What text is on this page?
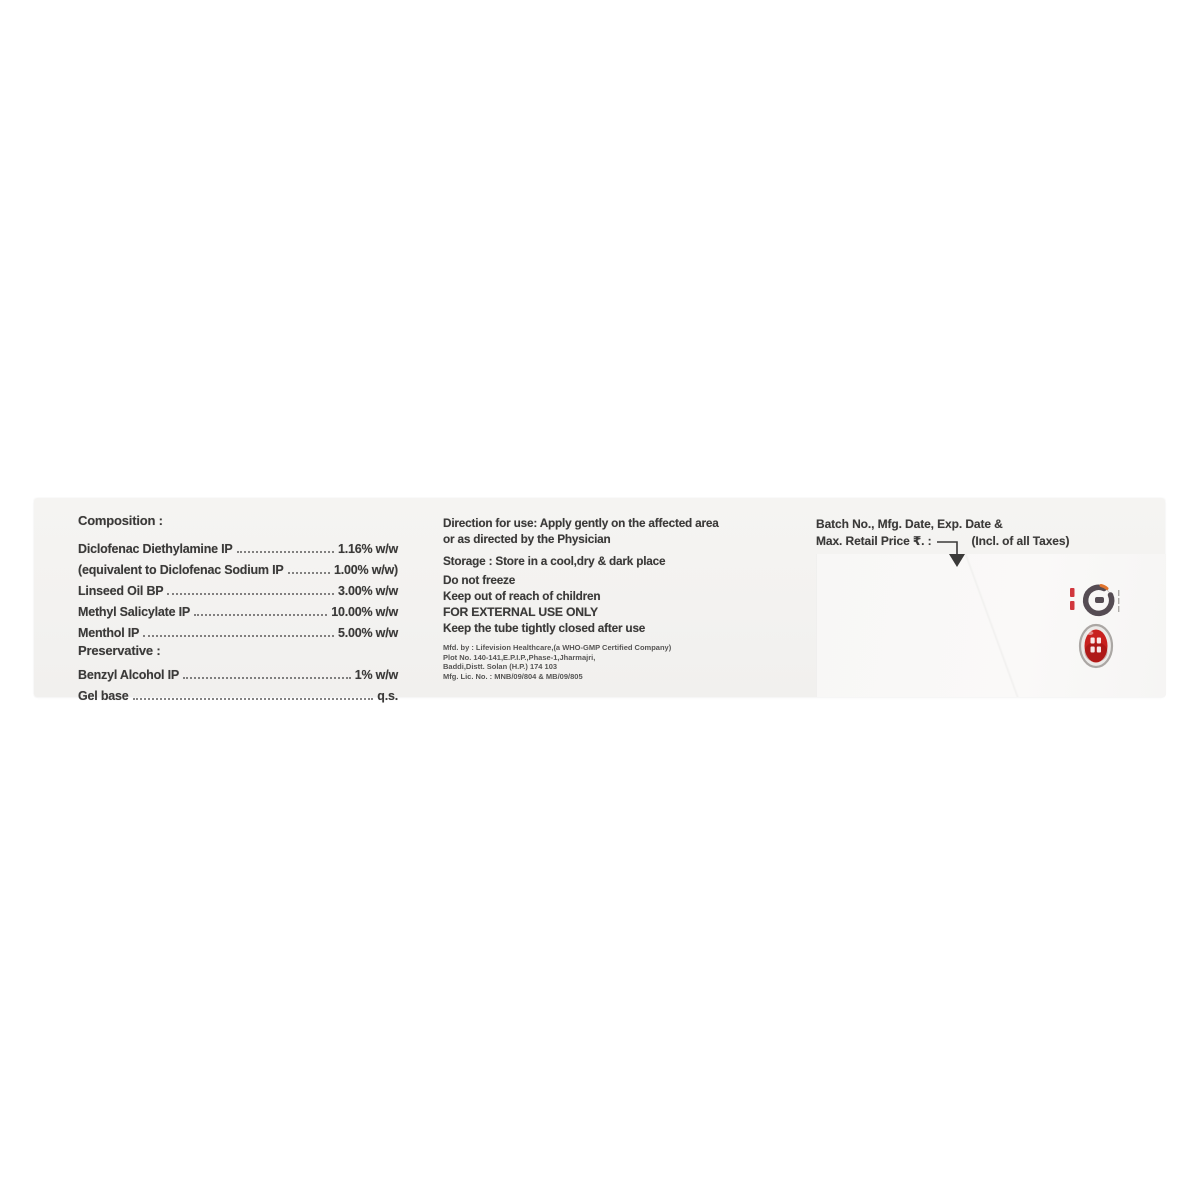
Composition :
Diclofenac Diethylamine IP	1.16% w/w
(equivalent to Diclofenac Sodium IP	1.00% w/w)
Linseed Oil BP	3.00% w/w
Methyl Salicylate IP	10.00% w/w
Menthol IP	5.00% w/w
Preservative :
Benzyl Alcohol IP	1% w/w
Gel base	q.s.
Direction for use: Apply gently on the affected area
or as directed by the Physician
Storage : Store in a cool,dry & dark place
Do not freeze
Keep out of reach of children
FOR EXTERNAL USE ONLY
Keep the tube tightly closed after use
Mfd. by : Lifevision Healthcare,(a WHO-GMP Certified Company)
Plot No. 140-141,E.P.I.P.,Phase-1,Jharmajri,
Baddi,Distt. Solan (H.P.) 174 103
Mfg. Lic. No. : MNB/09/804 & MB/09/805
Batch No., Mfg. Date, Exp. Date &
Max. Retail Price ₹. :	(Incl. of all Taxes)
